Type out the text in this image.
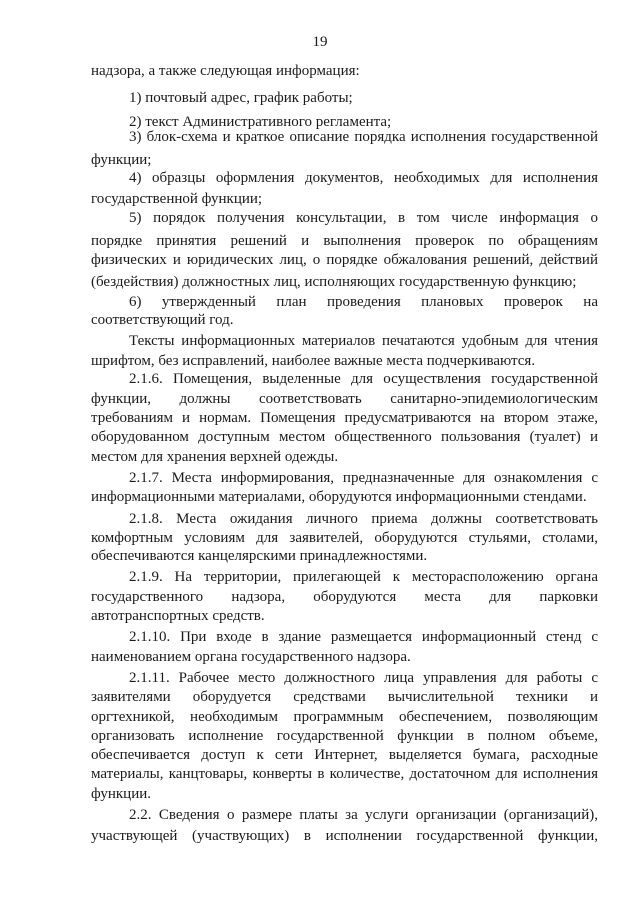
19
надзора, а также следующая информация:
1) почтовый адрес, график работы;
2) текст Административного регламента;
3) блок-схема и краткое описание порядка исполнения государственной
функции;
4) образцы оформления документов, необходимых для исполнения
государственной функции;
5) порядок получения консультации, в том числе информация о
порядке принятия решений и выполнения проверок по обращениям
физических и юридических лиц, о порядке обжалования решений, действий
(бездействия) должностных лиц, исполняющих государственную функцию;
6) утвержденный план проведения плановых проверок на
соответствующий год.
Тексты информационных материалов печатаются удобным для чтения
шрифтом, без исправлений, наиболее важные места подчеркиваются.
2.1.6. Помещения, выделенные для осуществления государственной
функции, должны соответствовать санитарно-эпидемиологическим
требованиям и нормам. Помещения предусматриваются на втором этаже,
оборудованном доступным местом общественного пользования (туалет) и
местом для хранения верхней одежды.
2.1.7. Места информирования, предназначенные для ознакомления с
информационными материалами, оборудуются информационными стендами.
2.1.8. Места ожидания личного приема должны соответствовать
комфортным условиям для заявителей, оборудуются стульями, столами,
обеспечиваются канцелярскими принадлежностями.
2.1.9. На территории, прилегающей к месторасположению органа
государственного надзора, оборудуются места для парковки
автотранспортных средств.
2.1.10. При входе в здание размещается информационный стенд с
наименованием органа государственного надзора.
2.1.11. Рабочее место должностного лица управления для работы с
заявителями оборудуется средствами вычислительной техники и
оргтехникой, необходимым программным обеспечением, позволяющим
организовать исполнение государственной функции в полном объеме,
обеспечивается доступ к сети Интернет, выделяется бумага, расходные
материалы, канцтовары, конверты в количестве, достаточном для исполнения
функции.
2.2. Сведения о размере платы за услуги организации (организаций),
участвующей (участвующих) в исполнении государственной функции,
